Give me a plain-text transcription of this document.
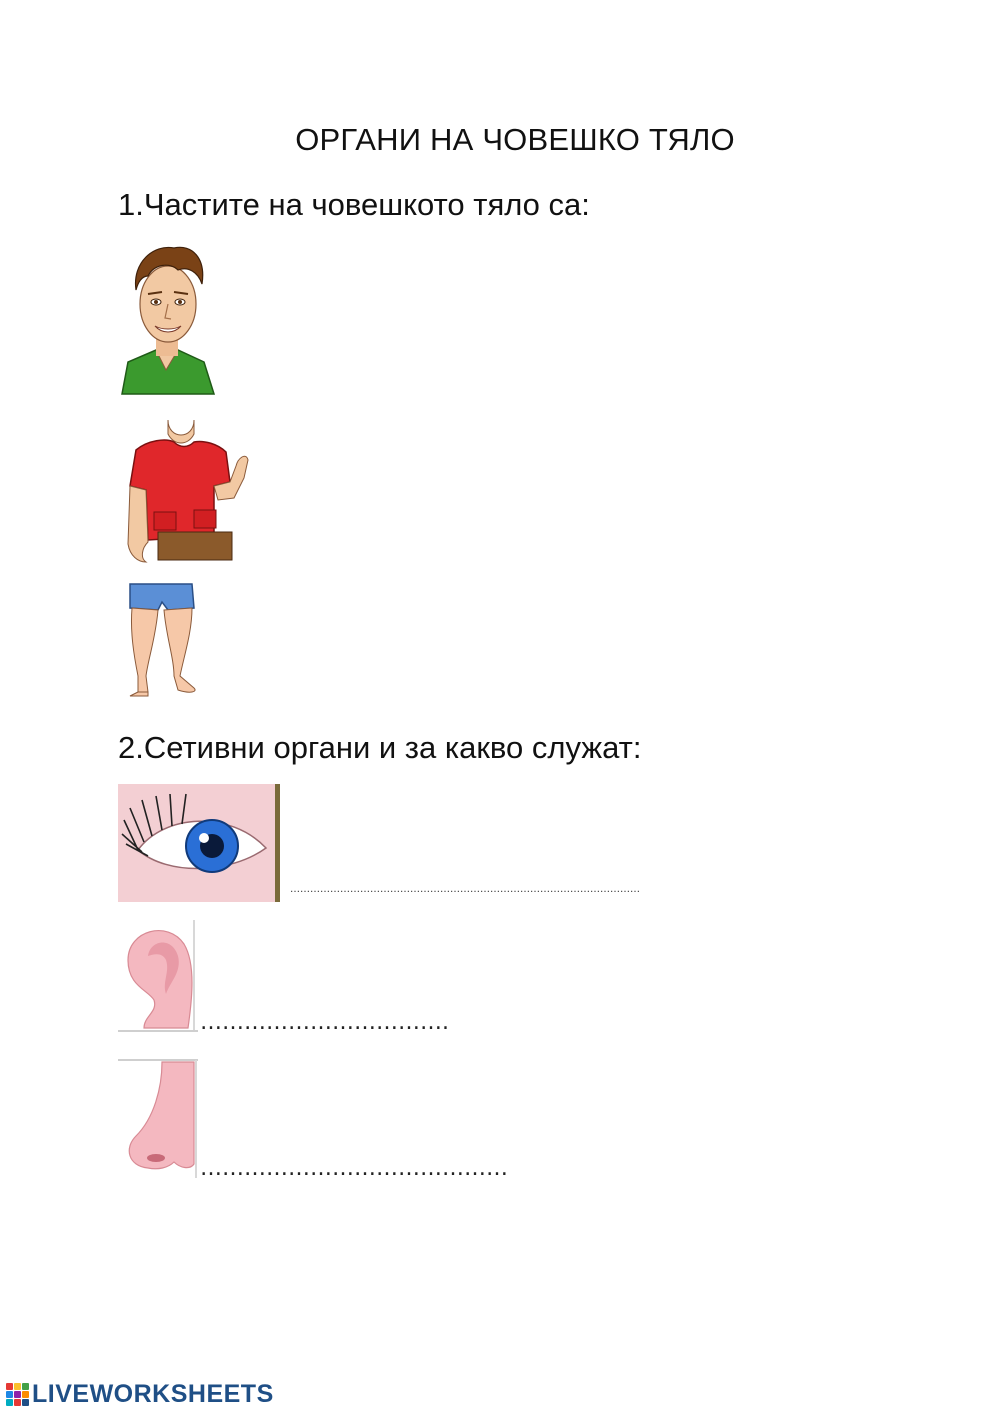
ОРГАНИ НА ЧОВЕШКО ТЯЛО
1.Частите на човешкото тяло са:
2.Сетивни органи и за какво служат:
……………………………………………………………………………………………
…………………………….
……………………………………
LIVEWORKSHEETS
